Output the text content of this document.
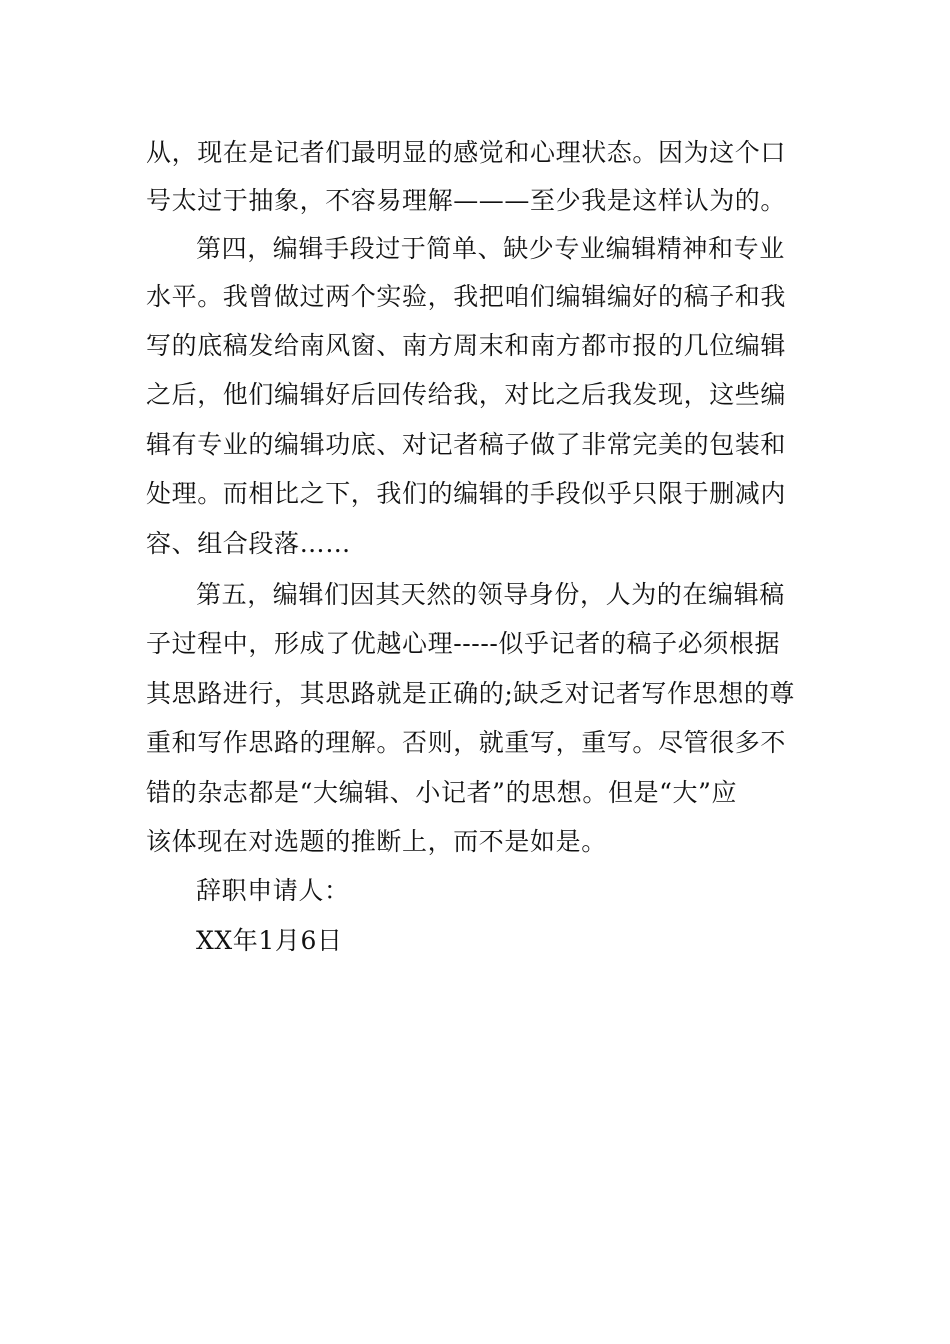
从，现在是记者们最明显的感觉和心理状态。因为这个口
号太过于抽象，不容易理解———至少我是这样认为的。
第四，编辑手段过于简单、缺少专业编辑精神和专业
水平。我曾做过两个实验，我把咱们编辑编好的稿子和我
写的底稿发给南风窗、南方周末和南方都市报的几位编辑
之后，他们编辑好后回传给我，对比之后我发现，这些编
辑有专业的编辑功底、对记者稿子做了非常完美的包装和
处理。而相比之下，我们的编辑的手段似乎只限于删减内
容、组合段落……
第五，编辑们因其天然的领导身份，人为的在编辑稿
子过程中，形成了优越心理-----似乎记者的稿子必须根据
其思路进行，其思路就是正确的;缺乏对记者写作思想的尊
重和写作思路的理解。否则，就重写，重写。尽管很多不
错的杂志都是“大编辑、小记者”的思想。但是“大”应
该体现在对选题的推断上，而不是如是。
辞职申请人：
XX年1月6日
